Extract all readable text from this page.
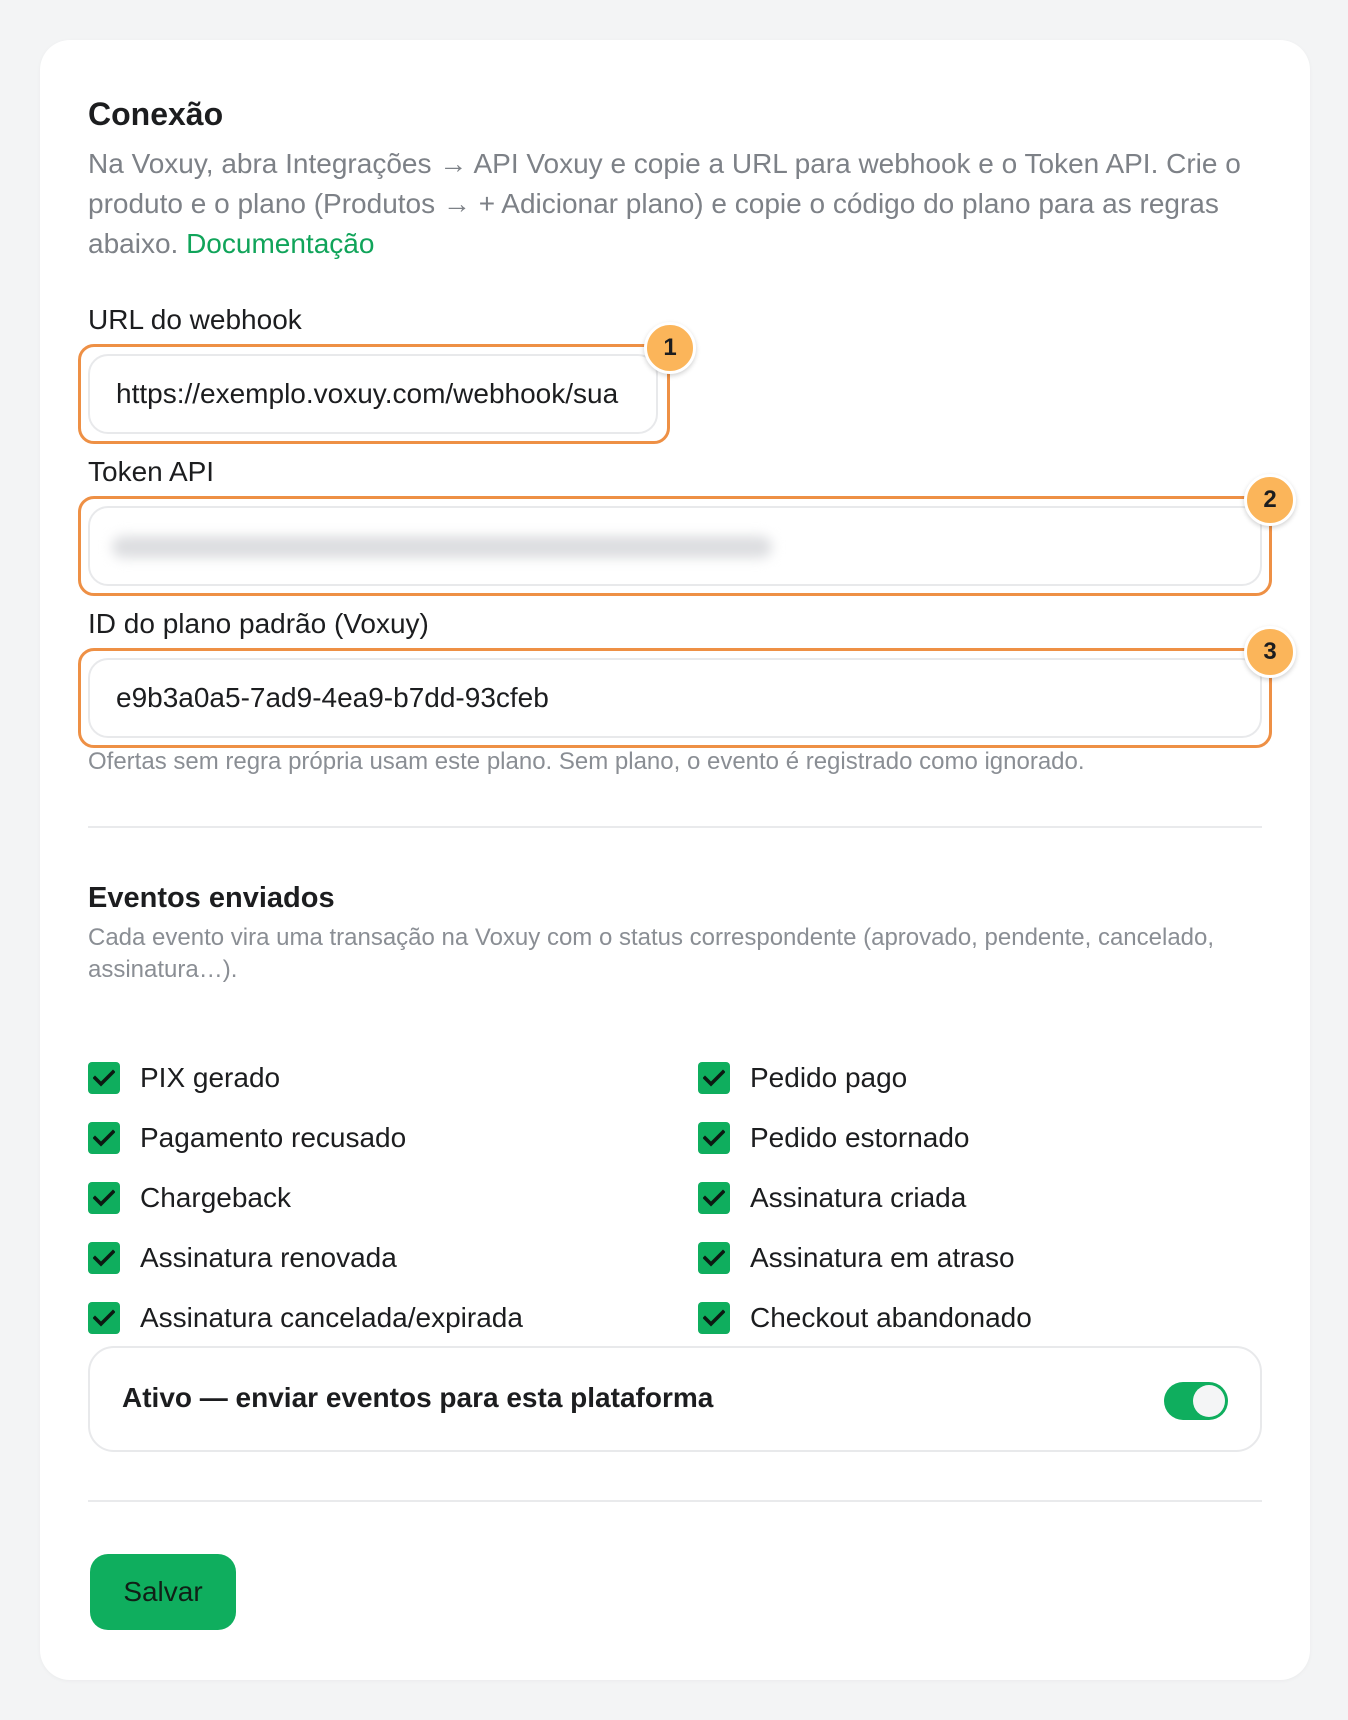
Conexão
Na Voxuy, abra Integrações → API Voxuy e copie a URL para webhook e o Token API. Crie o produto e o plano (Produtos → + Adicionar plano) e copie o código do plano para as regras abaixo. Documentação
URL do webhook
https://exemplo.voxuy.com/webhook/sua
1
Token API
2
ID do plano padrão (Voxuy)
e9b3a0a5-7ad9-4ea9-b7dd-93cfeb
3
Ofertas sem regra própria usam este plano. Sem plano, o evento é registrado como ignorado.
Eventos enviados
Cada evento vira uma transação na Voxuy com o status correspondente (aprovado, pendente, cancelado, assinatura…).
PIX gerado	Pedido pago
Pagamento recusado	Pedido estornado
Chargeback	Assinatura criada
Assinatura renovada	Assinatura em atraso
Assinatura cancelada/expirada	Checkout abandonado
Ativo — enviar eventos para esta plataforma
Salvar
